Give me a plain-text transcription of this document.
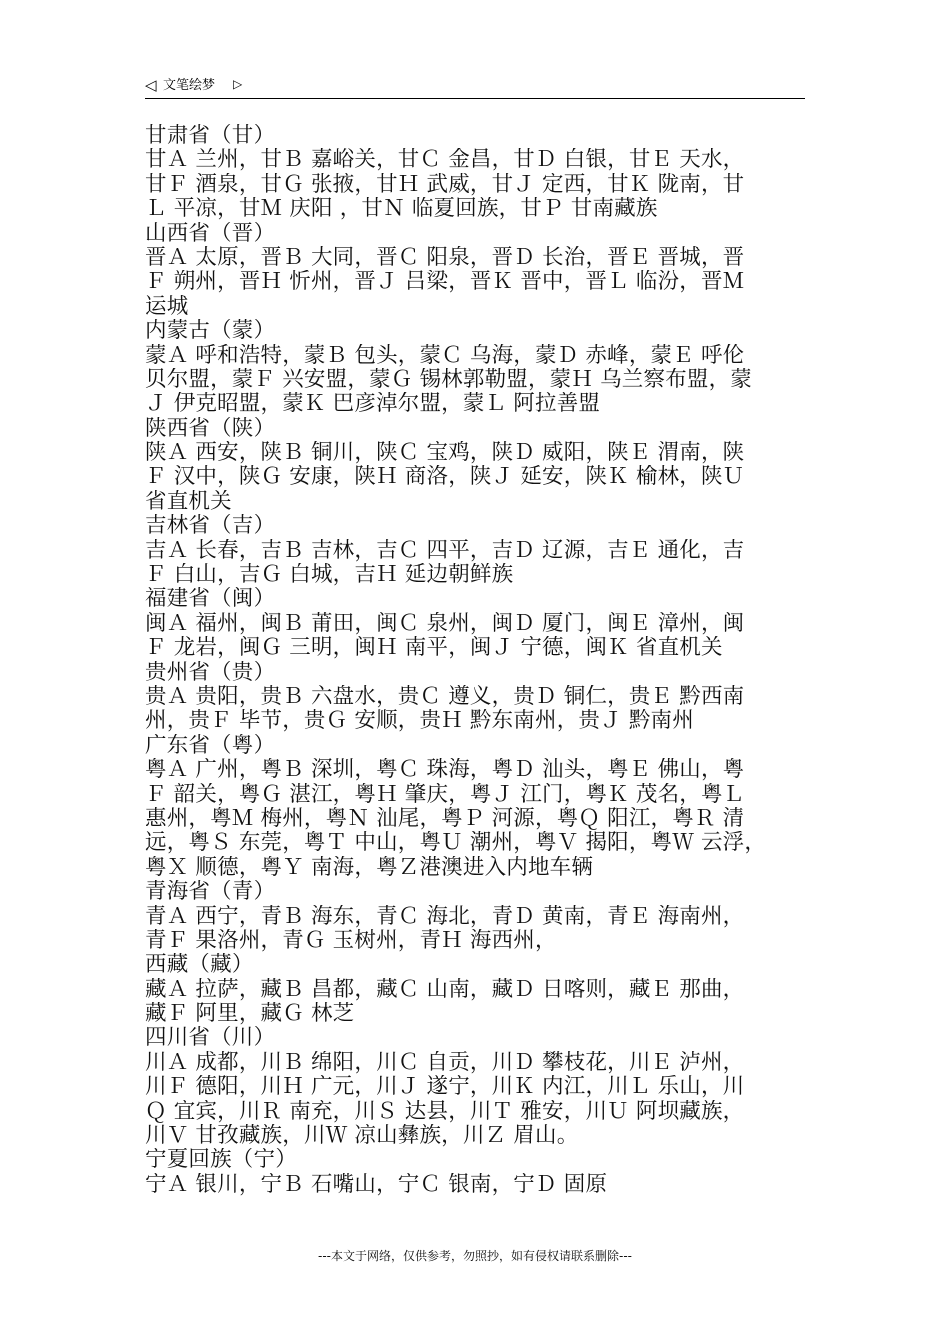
◁ 文笔绘梦 ▷
甘肃省（甘）
甘Ａ 兰州，甘Ｂ 嘉峪关，甘Ｃ 金昌，甘Ｄ 白银，甘Ｅ 天水，
甘Ｆ 酒泉，甘Ｇ 张掖，甘Ｈ 武威，甘Ｊ 定西，甘Ｋ 陇南，甘
Ｌ 平凉，甘Ｍ 庆阳 ，甘Ｎ 临夏回族，甘Ｐ 甘南藏族
山西省（晋）
晋Ａ 太原，晋Ｂ 大同，晋Ｃ 阳泉，晋Ｄ 长治，晋Ｅ 晋城，晋
Ｆ 朔州，晋Ｈ 忻州，晋Ｊ 吕梁，晋Ｋ 晋中，晋Ｌ 临汾，晋Ｍ
运城
内蒙古（蒙）
蒙Ａ 呼和浩特，蒙Ｂ 包头，蒙Ｃ 乌海，蒙Ｄ 赤峰，蒙Ｅ 呼伦
贝尔盟，蒙Ｆ 兴安盟，蒙Ｇ 锡林郭勒盟，蒙Ｈ 乌兰察布盟，蒙
Ｊ 伊克昭盟，蒙Ｋ 巴彦淖尔盟，蒙Ｌ 阿拉善盟
陕西省（陕）
陕Ａ 西安，陕Ｂ 铜川，陕Ｃ 宝鸡，陕Ｄ 威阳，陕Ｅ 渭南，陕
Ｆ 汉中，陕Ｇ 安康，陕Ｈ 商洛，陕Ｊ 延安，陕Ｋ 榆林，陕Ｕ
省直机关
吉林省（吉）
吉Ａ 长春，吉Ｂ 吉林，吉Ｃ 四平，吉Ｄ 辽源，吉Ｅ 通化，吉
Ｆ 白山，吉Ｇ 白城，吉Ｈ 延边朝鲜族
福建省（闽）
闽Ａ 福州，闽Ｂ 莆田，闽Ｃ 泉州，闽Ｄ 厦门，闽Ｅ 漳州，闽
Ｆ 龙岩，闽Ｇ 三明，闽Ｈ 南平，闽Ｊ 宁德，闽Ｋ 省直机关
贵州省（贵）
贵Ａ 贵阳，贵Ｂ 六盘水，贵Ｃ 遵义，贵Ｄ 铜仁，贵Ｅ 黔西南
州，贵Ｆ 毕节，贵Ｇ 安顺，贵Ｈ 黔东南州，贵Ｊ 黔南州
广东省（粤）
粤Ａ 广州，粤Ｂ 深圳，粤Ｃ 珠海，粤Ｄ 汕头，粤Ｅ 佛山，粤
Ｆ 韶关，粤Ｇ 湛江，粤Ｈ 肇庆，粤Ｊ 江门，粤Ｋ 茂名，粤Ｌ
惠州，粤Ｍ 梅州，粤Ｎ 汕尾，粤Ｐ 河源，粤Ｑ 阳江，粤Ｒ 清
远，粤Ｓ 东莞，粤Ｔ 中山，粤Ｕ 潮州，粤Ｖ 揭阳，粤Ｗ 云浮，
粤Ｘ 顺德，粤Ｙ 南海，粤Ｚ港澳进入内地车辆
青海省（青）
青Ａ 西宁，青Ｂ 海东，青Ｃ 海北，青Ｄ 黄南，青Ｅ 海南州，
青Ｆ 果洛州，青Ｇ 玉树州，青Ｈ 海西州，
西藏（藏）
藏Ａ 拉萨，藏Ｂ 昌都，藏Ｃ 山南，藏Ｄ 日喀则，藏Ｅ 那曲，
藏Ｆ 阿里，藏Ｇ 林芝
四川省（川）
川Ａ 成都，川Ｂ 绵阳，川Ｃ 自贡，川Ｄ 攀枝花，川Ｅ 泸州，
川Ｆ 德阳，川Ｈ 广元，川Ｊ 遂宁，川Ｋ 内江，川Ｌ 乐山，川
Ｑ 宜宾，川Ｒ 南充，川Ｓ 达县，川Ｔ 雅安，川Ｕ 阿坝藏族，
川Ｖ 甘孜藏族，川Ｗ 凉山彝族，川Ｚ 眉山。
宁夏回族（宁）
宁Ａ 银川，宁Ｂ 石嘴山，宁Ｃ 银南，宁Ｄ 固原
---本文于网络，仅供参考，勿照抄，如有侵权请联系删除---
